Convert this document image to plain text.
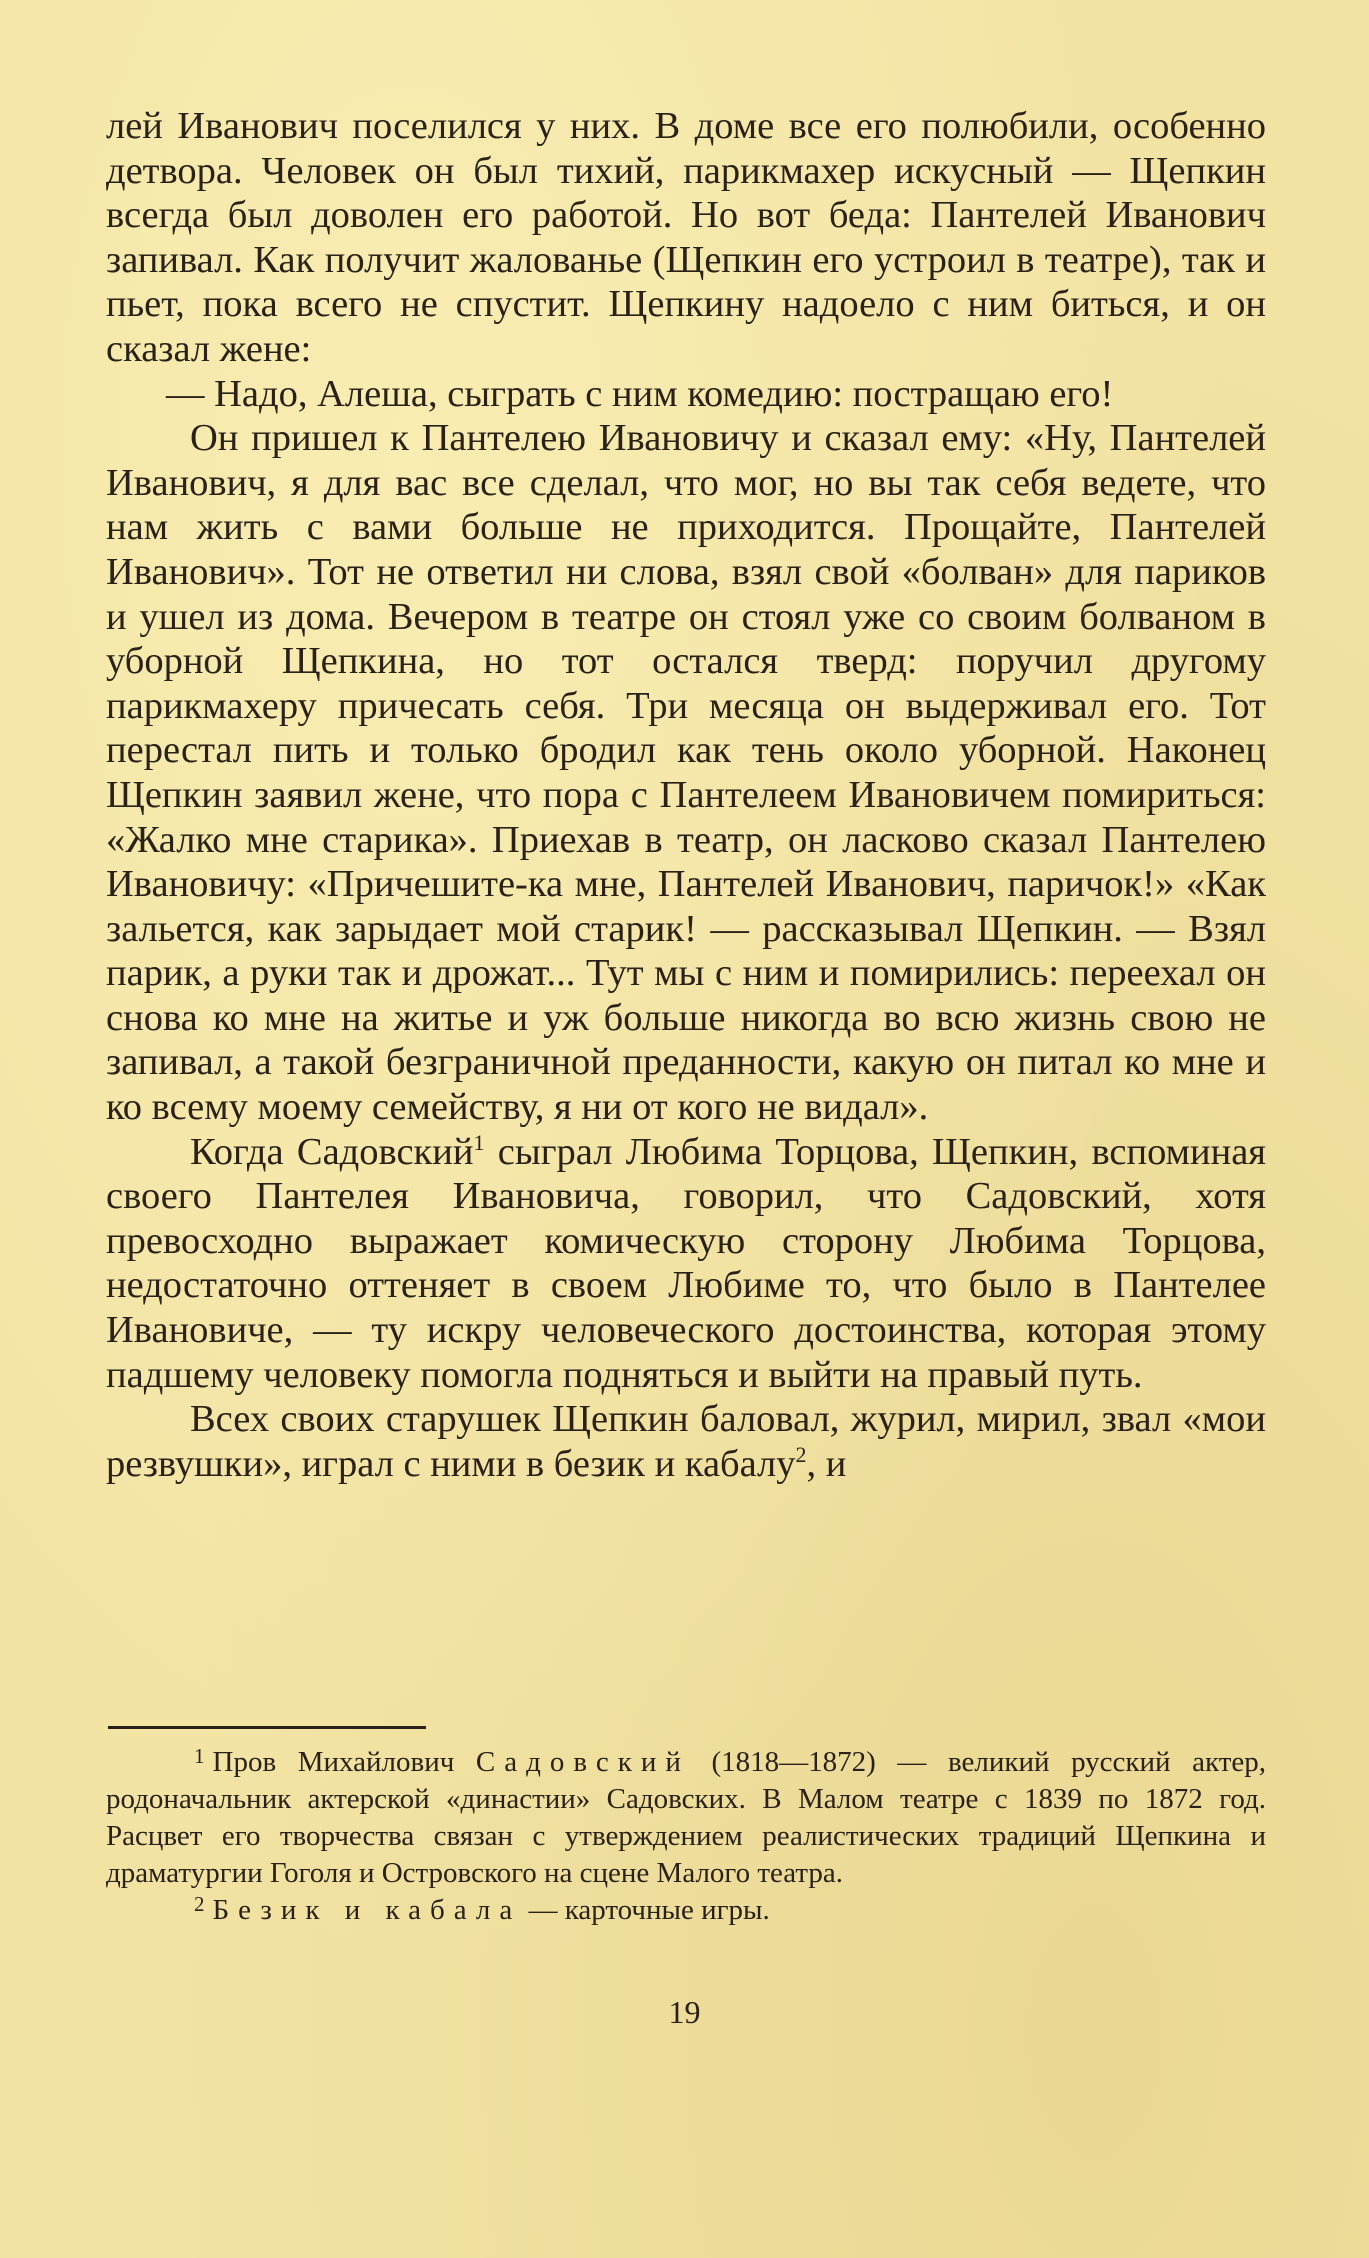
лей Иванович поселился у них. В доме все его полюбили, особенно детвора. Человек он был тихий, парикмахер искусный — Щепкин всегда был доволен его работой. Но вот беда: Пантелей Иванович запивал. Как получит жалованье (Щепкин его устроил в театре), так и пьет, пока всего не спустит. Щепкину надоело с ним биться, и он сказал жене:

— Надо, Алеша, сыграть с ним комедию: постращаю его!

Он пришел к Пантелею Ивановичу и сказал ему: «Ну, Пантелей Иванович, я для вас все сделал, что мог, но вы так себя ведете, что нам жить с вами больше не приходится. Прощайте, Пантелей Иванович». Тот не ответил ни слова, взял свой «болван» для париков и ушел из дома. Вечером в театре он стоял уже со своим болваном в уборной Щепкина, но тот остался тверд: поручил другому парикмахеру причесать себя. Три месяца он выдерживал его. Тот перестал пить и только бродил как тень около уборной. Наконец Щепкин заявил жене, что пора с Пантелеем Ивановичем помириться: «Жалко мне старика». Приехав в театр, он ласково сказал Пантелею Ивановичу: «Причешите-ка мне, Пантелей Иванович, паричок!» «Как зальется, как зарыдает мой старик! — рассказывал Щепкин. — Взял парик, а руки так и дрожат... Тут мы с ним и помирились: переехал он снова ко мне на житье и уж больше никогда во всю жизнь свою не запивал, а такой безграничной преданности, какую он питал ко мне и ко всему моему семейству, я ни от кого не видал».

Когда Садовский$^1$ сыграл Любима Торцова, Щепкин, вспоминая своего Пантелея Ивановича, говорил, что Садовский, хотя превосходно выражает комическую сторону Любима Торцова, недостаточно оттеняет в своем Любиме то, что было в Пантелее Ивановиче, — ту искру человеческого достоинства, которая этому падшему человеку помогла подняться и выйти на правый путь.

Всех своих старушек Щепкин баловал, журил, мирил, звал «мои резвушки», играл с ними в безик и кабалу$^2$, и

$^1$ Пров Михайлович Садовский (1818—1872) — великий русский актер, родоначальник актерской «династии» Садовских. В Малом театре с 1839 по 1872 год. Расцвет его творчества связан с утверждением реалистических традиций Щепкина и драматургии Гоголя и Островского на сцене Малого театра.

$^2$ Безик и кабала — карточные игры.

19
